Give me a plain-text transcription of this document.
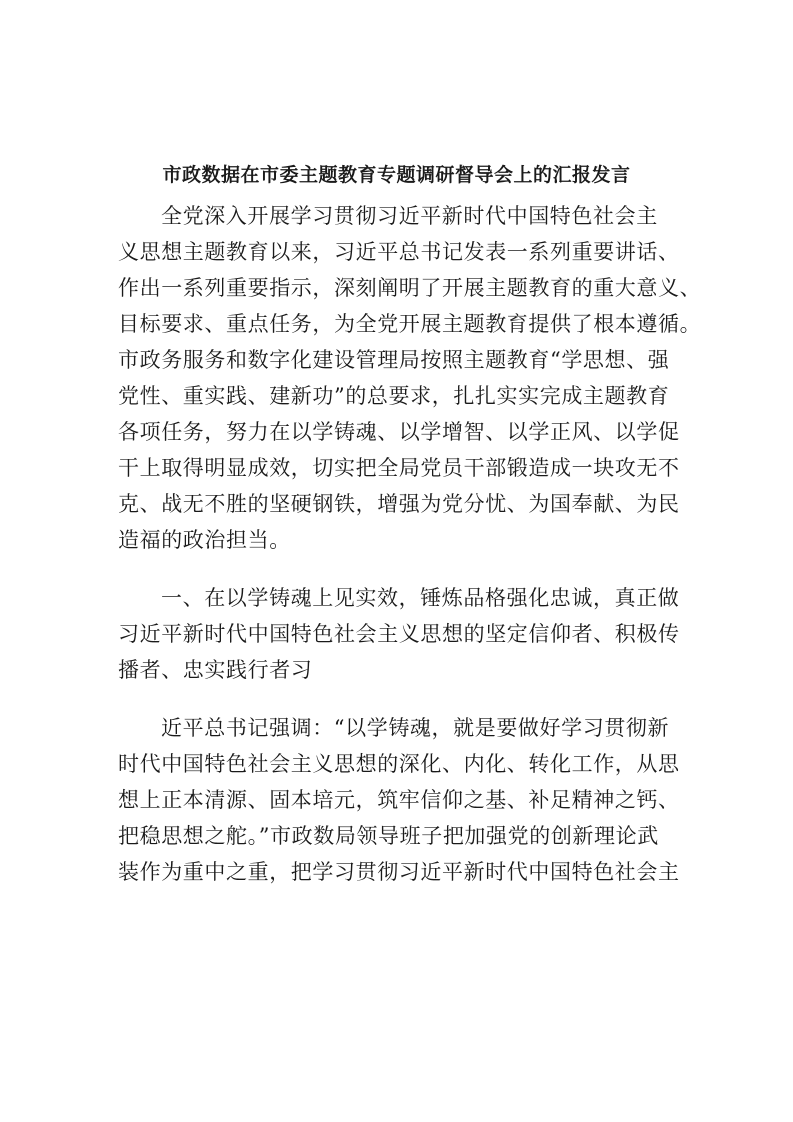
市政数据在市委主题教育专题调研督导会上的汇报发言
全党深入开展学习贯彻习近平新时代中国特色社会主
义思想主题教育以来，习近平总书记发表一系列重要讲话、
作出一系列重要指示，深刻阐明了开展主题教育的重大意义、
目标要求、重点任务，为全党开展主题教育提供了根本遵循。
市政务服务和数字化建设管理局按照主题教育“学思想、强
党性、重实践、建新功”的总要求，扎扎实实完成主题教育
各项任务，努力在以学铸魂、以学增智、以学正风、以学促
干上取得明显成效，切实把全局党员干部锻造成一块攻无不
克、战无不胜的坚硬钢铁，增强为党分忧、为国奉献、为民
造福的政治担当。
一、在以学铸魂上见实效，锤炼品格强化忠诚，真正做
习近平新时代中国特色社会主义思想的坚定信仰者、积极传
播者、忠实践行者习
近平总书记强调：“以学铸魂，就是要做好学习贯彻新
时代中国特色社会主义思想的深化、内化、转化工作，从思
想上正本清源、固本培元，筑牢信仰之基、补足精神之钙、
把稳思想之舵。”市政数局领导班子把加强党的创新理论武
装作为重中之重，把学习贯彻习近平新时代中国特色社会主
